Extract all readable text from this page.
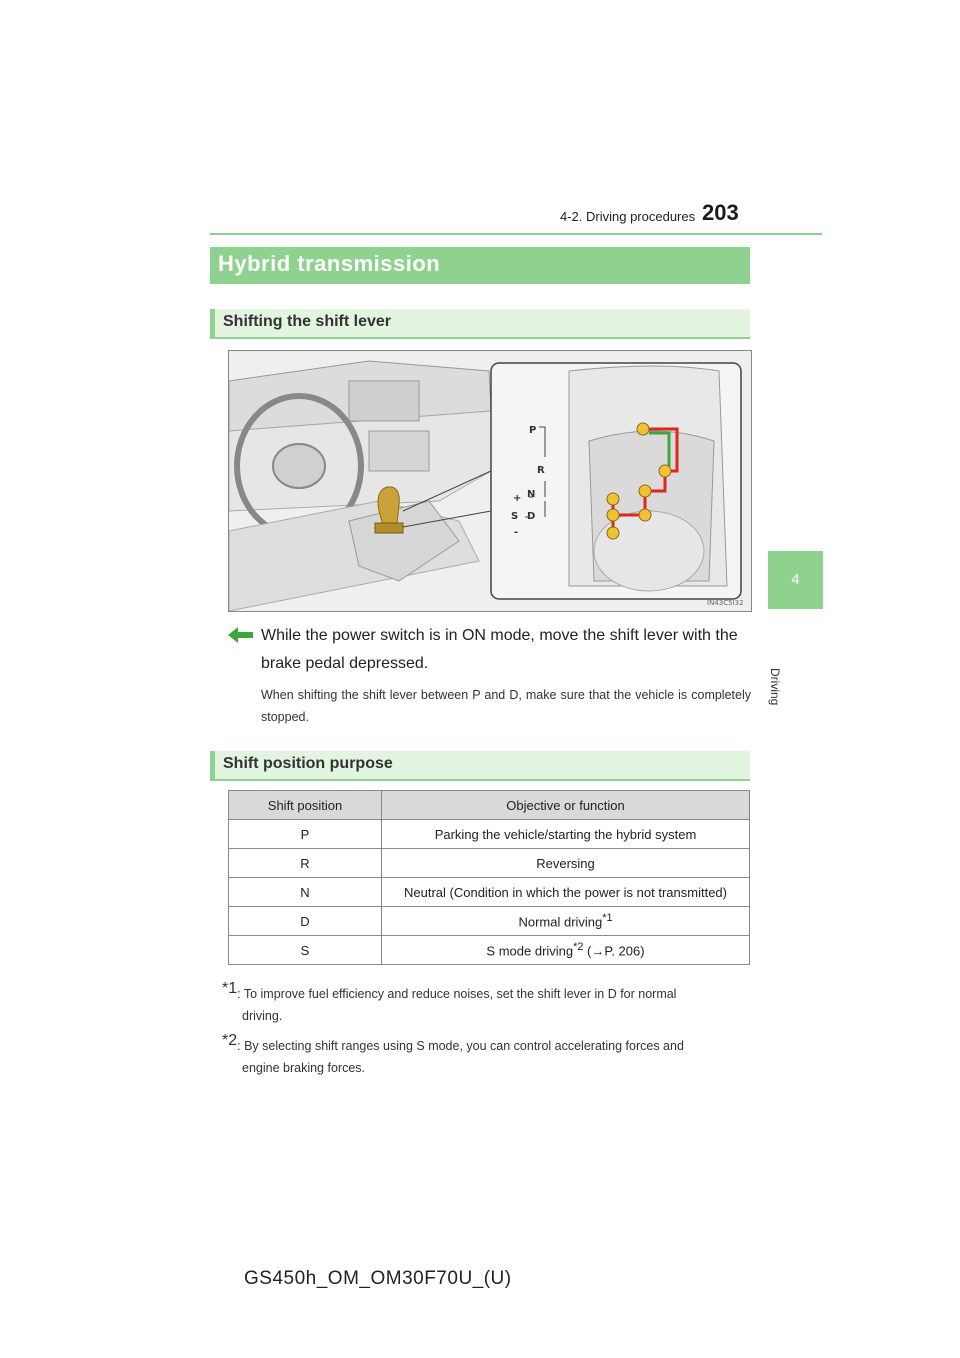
4-2. Driving procedures 203
4
Driving
Hybrid transmission
Shifting the shift lever
P
R
N
D
S
+
-
IN43C5I32
While the power switch is in ON mode, move the shift lever with the brake pedal depressed.
When shifting the shift lever between P and D, make sure that the vehicle is completely stopped.
Shift position purpose
Shift position	Objective or function
P	Parking the vehicle/starting the hybrid system
R	Reversing
N	Neutral (Condition in which the power is not transmitted)
D	Normal driving$^{*1}$
S	S mode driving$^{*2}$ (→P. 206)
$^{*1}$: To improve fuel efficiency and reduce noises, set the shift lever in D for normal
driving.
$^{*2}$: By selecting shift ranges using S mode, you can control accelerating forces and
engine braking forces.
GS450h_OM_OM30F70U_(U)
